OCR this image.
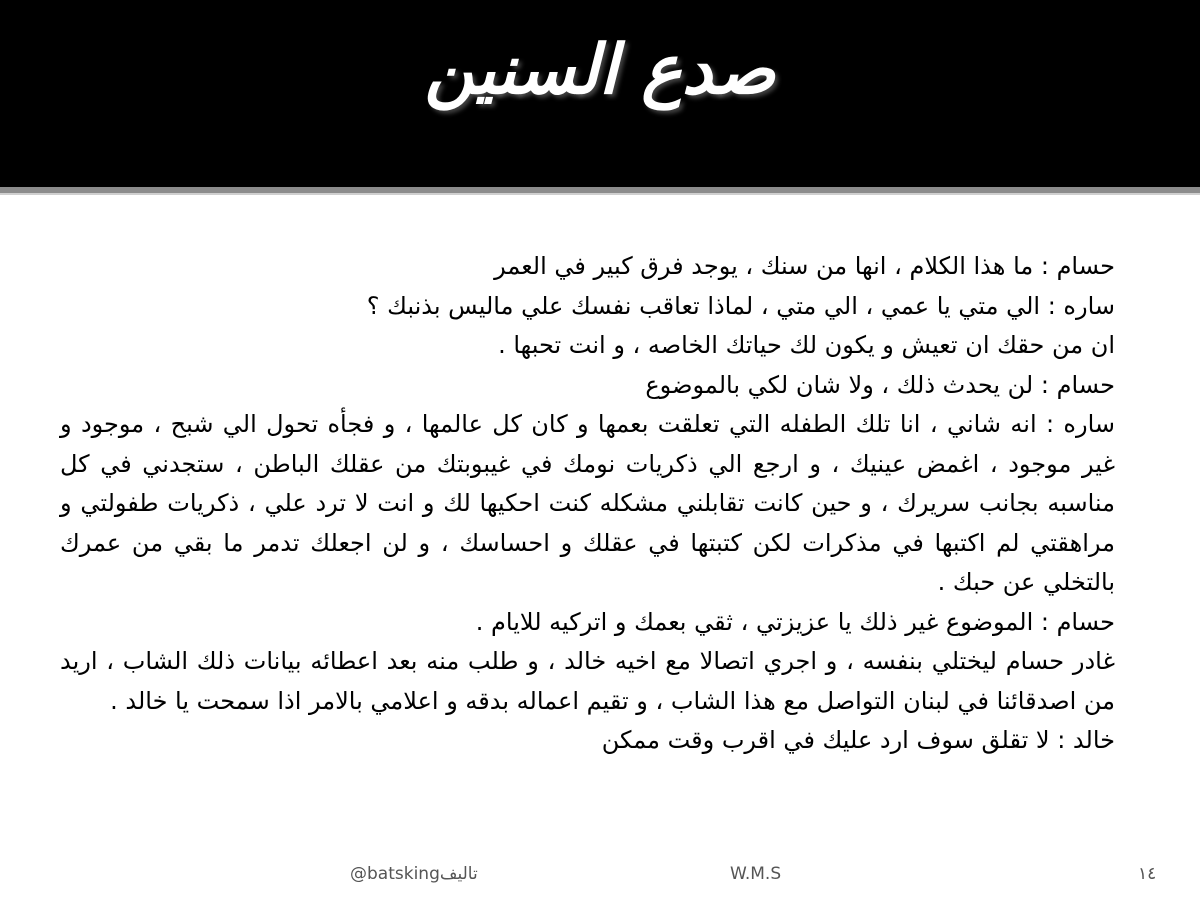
صدع السنين

حسام : ما هذا الكلام ، انها من سنك ، يوجد فرق كبير في العمر

ساره : الي متي يا عمي ، الي متي ، لماذا تعاقب نفسك علي ماليس بذنبك ؟

ان من حقك ان تعيش و يكون لك حياتك الخاصه ، و انت تحبها .

حسام : لن يحدث ذلك ، ولا شان لكي بالموضوع

ساره : انه شاني ، انا تلك الطفله التي تعلقت بعمها و كان كل عالمها ، و فجأه تحول الي شبح ، موجود و غير موجود ، اغمض عينيك ، و ارجع الي ذكريات نومك في غيبوبتك من عقلك الباطن ، ستجدني في كل مناسبه بجانب سريرك ، و حين كانت تقابلني مشكله كنت احكيها لك و انت لا ترد علي ، ذكريات طفولتي و مراهقتي لم اكتبها في مذكرات لكن كتبتها في عقلك و احساسك ، و لن اجعلك تدمر ما بقي من عمرك بالتخلي عن حبك .

حسام : الموضوع غير ذلك يا عزيزتي ، ثقي بعمك و اتركيه للايام .

غادر حسام ليختلي بنفسه ، و اجري اتصالا مع اخيه خالد ، و طلب منه بعد اعطائه بيانات ذلك الشاب ، اريد من اصدقائنا في لبنان التواصل مع هذا الشاب ، و تقيم اعماله بدقه و اعلامي بالامر اذا سمحت يا خالد .

خالد : لا تقلق سوف ارد عليك في اقرب وقت ممكن

@batskingتاليف	W.M.S	١٤
